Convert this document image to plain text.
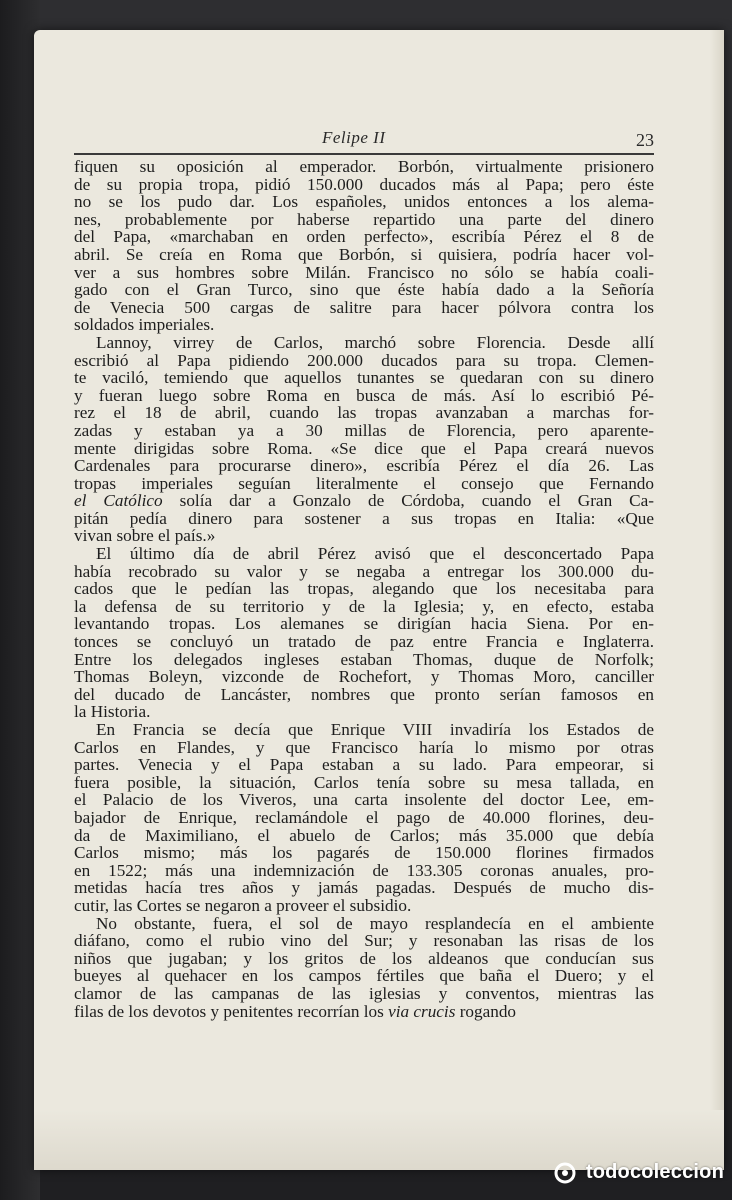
Felipe II	23

fiquen su oposición al emperador. Borbón, virtualmente prisionero
de su propia tropa, pidió 150.000 ducados más al Papa; pero éste
no se los pudo dar. Los españoles, unidos entonces a los alema-
nes, probablemente por haberse repartido una parte del dinero
del Papa, «marchaban en orden perfecto», escribía Pérez el 8 de
abril. Se creía en Roma que Borbón, si quisiera, podría hacer vol-
ver a sus hombres sobre Milán. Francisco no sólo se había coali-
gado con el Gran Turco, sino que éste había dado a la Señoría
de Venecia 500 cargas de salitre para hacer pólvora contra los
soldados imperiales.

Lannoy, virrey de Carlos, marchó sobre Florencia. Desde allí
escribió al Papa pidiendo 200.000 ducados para su tropa. Clemen-
te vaciló, temiendo que aquellos tunantes se quedaran con su dinero
y fueran luego sobre Roma en busca de más. Así lo escribió Pé-
rez el 18 de abril, cuando las tropas avanzaban a marchas for-
zadas y estaban ya a 30 millas de Florencia, pero aparente-
mente dirigidas sobre Roma. «Se dice que el Papa creará nuevos
Cardenales para procurarse dinero», escribía Pérez el día 26. Las
tropas imperiales seguían literalmente el consejo que Fernando
el Católico solía dar a Gonzalo de Córdoba, cuando el Gran Ca-
pitán pedía dinero para sostener a sus tropas en Italia: «Que
vivan sobre el país.»

El último día de abril Pérez avisó que el desconcertado Papa
había recobrado su valor y se negaba a entregar los 300.000 du-
cados que le pedían las tropas, alegando que los necesitaba para
la defensa de su territorio y de la Iglesia; y, en efecto, estaba
levantando tropas. Los alemanes se dirigían hacia Siena. Por en-
tonces se concluyó un tratado de paz entre Francia e Inglaterra.
Entre los delegados ingleses estaban Thomas, duque de Norfolk;
Thomas Boleyn, vizconde de Rochefort, y Thomas Moro, canciller
del ducado de Lancáster, nombres que pronto serían famosos en
la Historia.

En Francia se decía que Enrique VIII invadiría los Estados de
Carlos en Flandes, y que Francisco haría lo mismo por otras
partes. Venecia y el Papa estaban a su lado. Para empeorar, si
fuera posible, la situación, Carlos tenía sobre su mesa tallada, en
el Palacio de los Viveros, una carta insolente del doctor Lee, em-
bajador de Enrique, reclamándole el pago de 40.000 florines, deu-
da de Maximiliano, el abuelo de Carlos; más 35.000 que debía
Carlos mismo; más los pagarés de 150.000 florines firmados
en 1522; más una indemnización de 133.305 coronas anuales, pro-
metidas hacía tres años y jamás pagadas. Después de mucho dis-
cutir, las Cortes se negaron a proveer el subsidio.

No obstante, fuera, el sol de mayo resplandecía en el ambiente
diáfano, como el rubio vino del Sur; y resonaban las risas de los
niños que jugaban; y los gritos de los aldeanos que conducían sus
bueyes al quehacer en los campos fértiles que baña el Duero; y el
clamor de las campanas de las iglesias y conventos, mientras las
filas de los devotos y penitentes recorrían los via crucis rogando

todocoleccion
